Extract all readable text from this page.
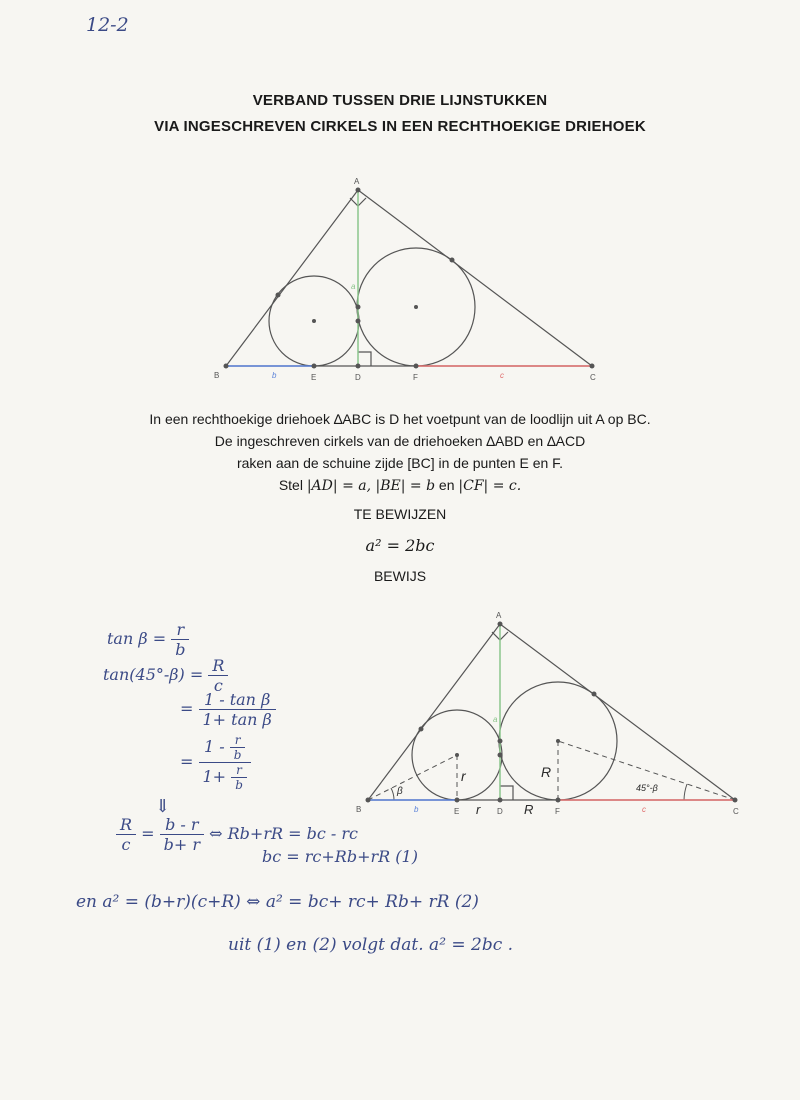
12-2
VERBAND TUSSEN DRIE LIJNSTUKKEN
VIA INGESCHREVEN CIRKELS IN EEN RECHTHOEKIGE DRIEHOEK
A
B	C
D
E	F
a
b	c
In een rechthoekige driehoek ∆ABC is D het voetpunt van de loodlijn uit A op BC.
De ingeschreven cirkels van de driehoeken ∆ABD en ∆ACD
raken aan de schuine zijde [BC] in de punten E en F.
Stel |AD| = a, |BE| = b en |CF| = c.
TE BEWIJZEN
a² = 2bc
BEWIJS
A
B	C
D
E	F
a
b	c
r	R
r	R
β	45°-β
$\tan \beta = \frac{r}{b}$
$\tan(45^\circ-\beta) = \frac{R}{c}$
= $\frac{\text{1 - tan β}}{\text{1+ tan β}}$
= $\frac{1 - \frac{r}{b}}{1+ \frac{r}{b}}$
⇓
$\frac{R}{c} = \frac{b - r}{b+ r}$ ⇔ Rb+rR = bc - rc
bc = rc+Rb+rR (1)
en a² = (b+r)(c+R) ⇔ a² = bc+ rc+ Rb+ rR (2)
uit (1) en (2) volgt dat. a² = 2bc .
